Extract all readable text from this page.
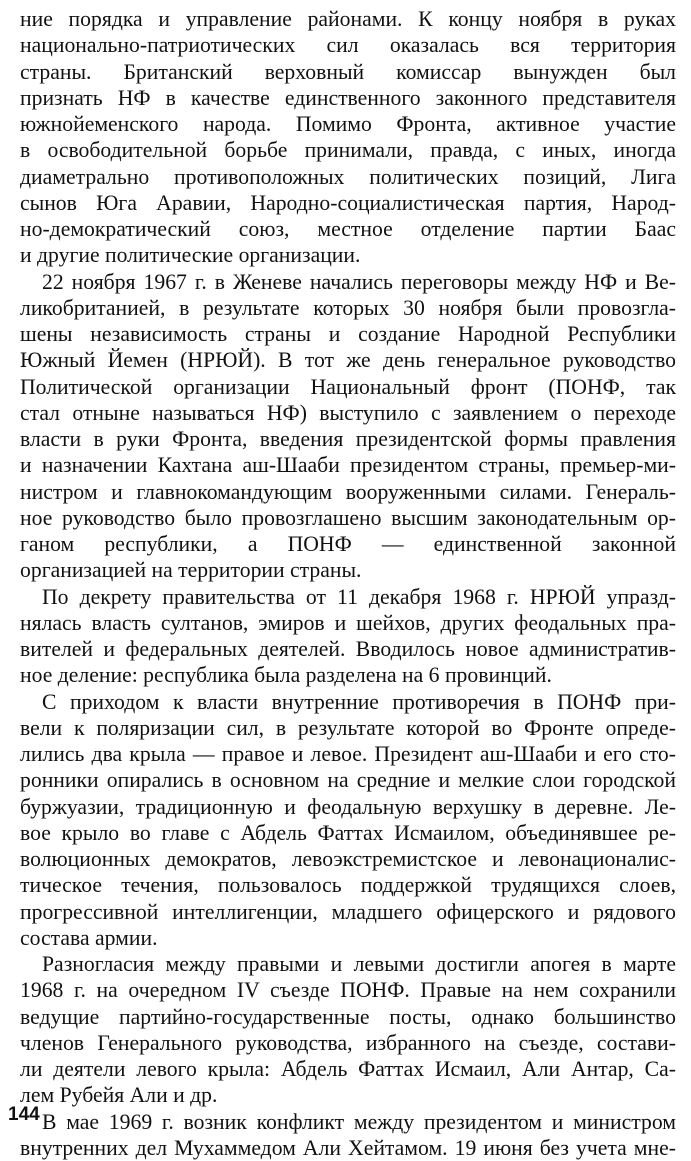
ние порядка и управление районами. К концу ноября в руках
национально-патриотических сил оказалась вся территория
страны. Британский верховный комиссар вынужден был
признать НФ в качестве единственного законного представителя
южнойеменского народа. Помимо Фронта, активное участие
в освободительной борьбе принимали, правда, с иных, иногда
диаметрально противоположных политических позиций, Лига
сынов Юга Аравии, Народно-социалистическая партия, Народ-
но-демократический союз, местное отделение партии Баас
и другие политические организации.
22 ноября 1967 г. в Женеве начались переговоры между НФ и Ве-
ликобританией, в результате которых 30 ноября были провозгла-
шены независимость страны и создание Народной Республики
Южный Йемен (НРЮЙ). В тот же день генеральное руководство
Политической организации Национальный фронт (ПОНФ, так
стал отныне называться НФ) выступило с заявлением о переходе
власти в руки Фронта, введения президентской формы правления
и назначении Кахтана аш-Шааби президентом страны, премьер-ми-
нистром и главнокомандующим вооруженными силами. Генераль-
ное руководство было провозглашено высшим законодательным ор-
ганом республики, а ПОНФ — единственной законной
организацией на территории страны.
По декрету правительства от 11 декабря 1968 г. НРЮЙ упразд-
нялась власть султанов, эмиров и шейхов, других феодальных пра-
вителей и федеральных деятелей. Вводилось новое административ-
ное деление: республика была разделена на 6 провинций.
С приходом к власти внутренние противоречия в ПОНФ при-
вели к поляризации сил, в результате которой во Фронте опреде-
лились два крыла — правое и левое. Президент аш-Шааби и его сто-
ронники опирались в основном на средние и мелкие слои городской
буржуазии, традиционную и феодальную верхушку в деревне. Ле-
вое крыло во главе с Абдель Фаттах Исмаилом, объединявшее ре-
волюционных демократов, левоэкстремистское и левонационалис-
тическое течения, пользовалось поддержкой трудящихся слоев,
прогрессивной интеллигенции, младшего офицерского и рядового
состава армии.
Разногласия между правыми и левыми достигли апогея в марте
1968 г. на очередном IV съезде ПОНФ. Правые на нем сохранили
ведущие партийно-государственные посты, однако большинство
членов Генерального руководства, избранного на съезде, состави-
ли деятели левого крыла: Абдель Фаттах Исмаил, Али Антар, Са-
лем Рубейя Али и др.
В мае 1969 г. возник конфликт между президентом и министром
внутренних дел Мухаммедом Али Хейтамом. 19 июня без учета мне-
144
